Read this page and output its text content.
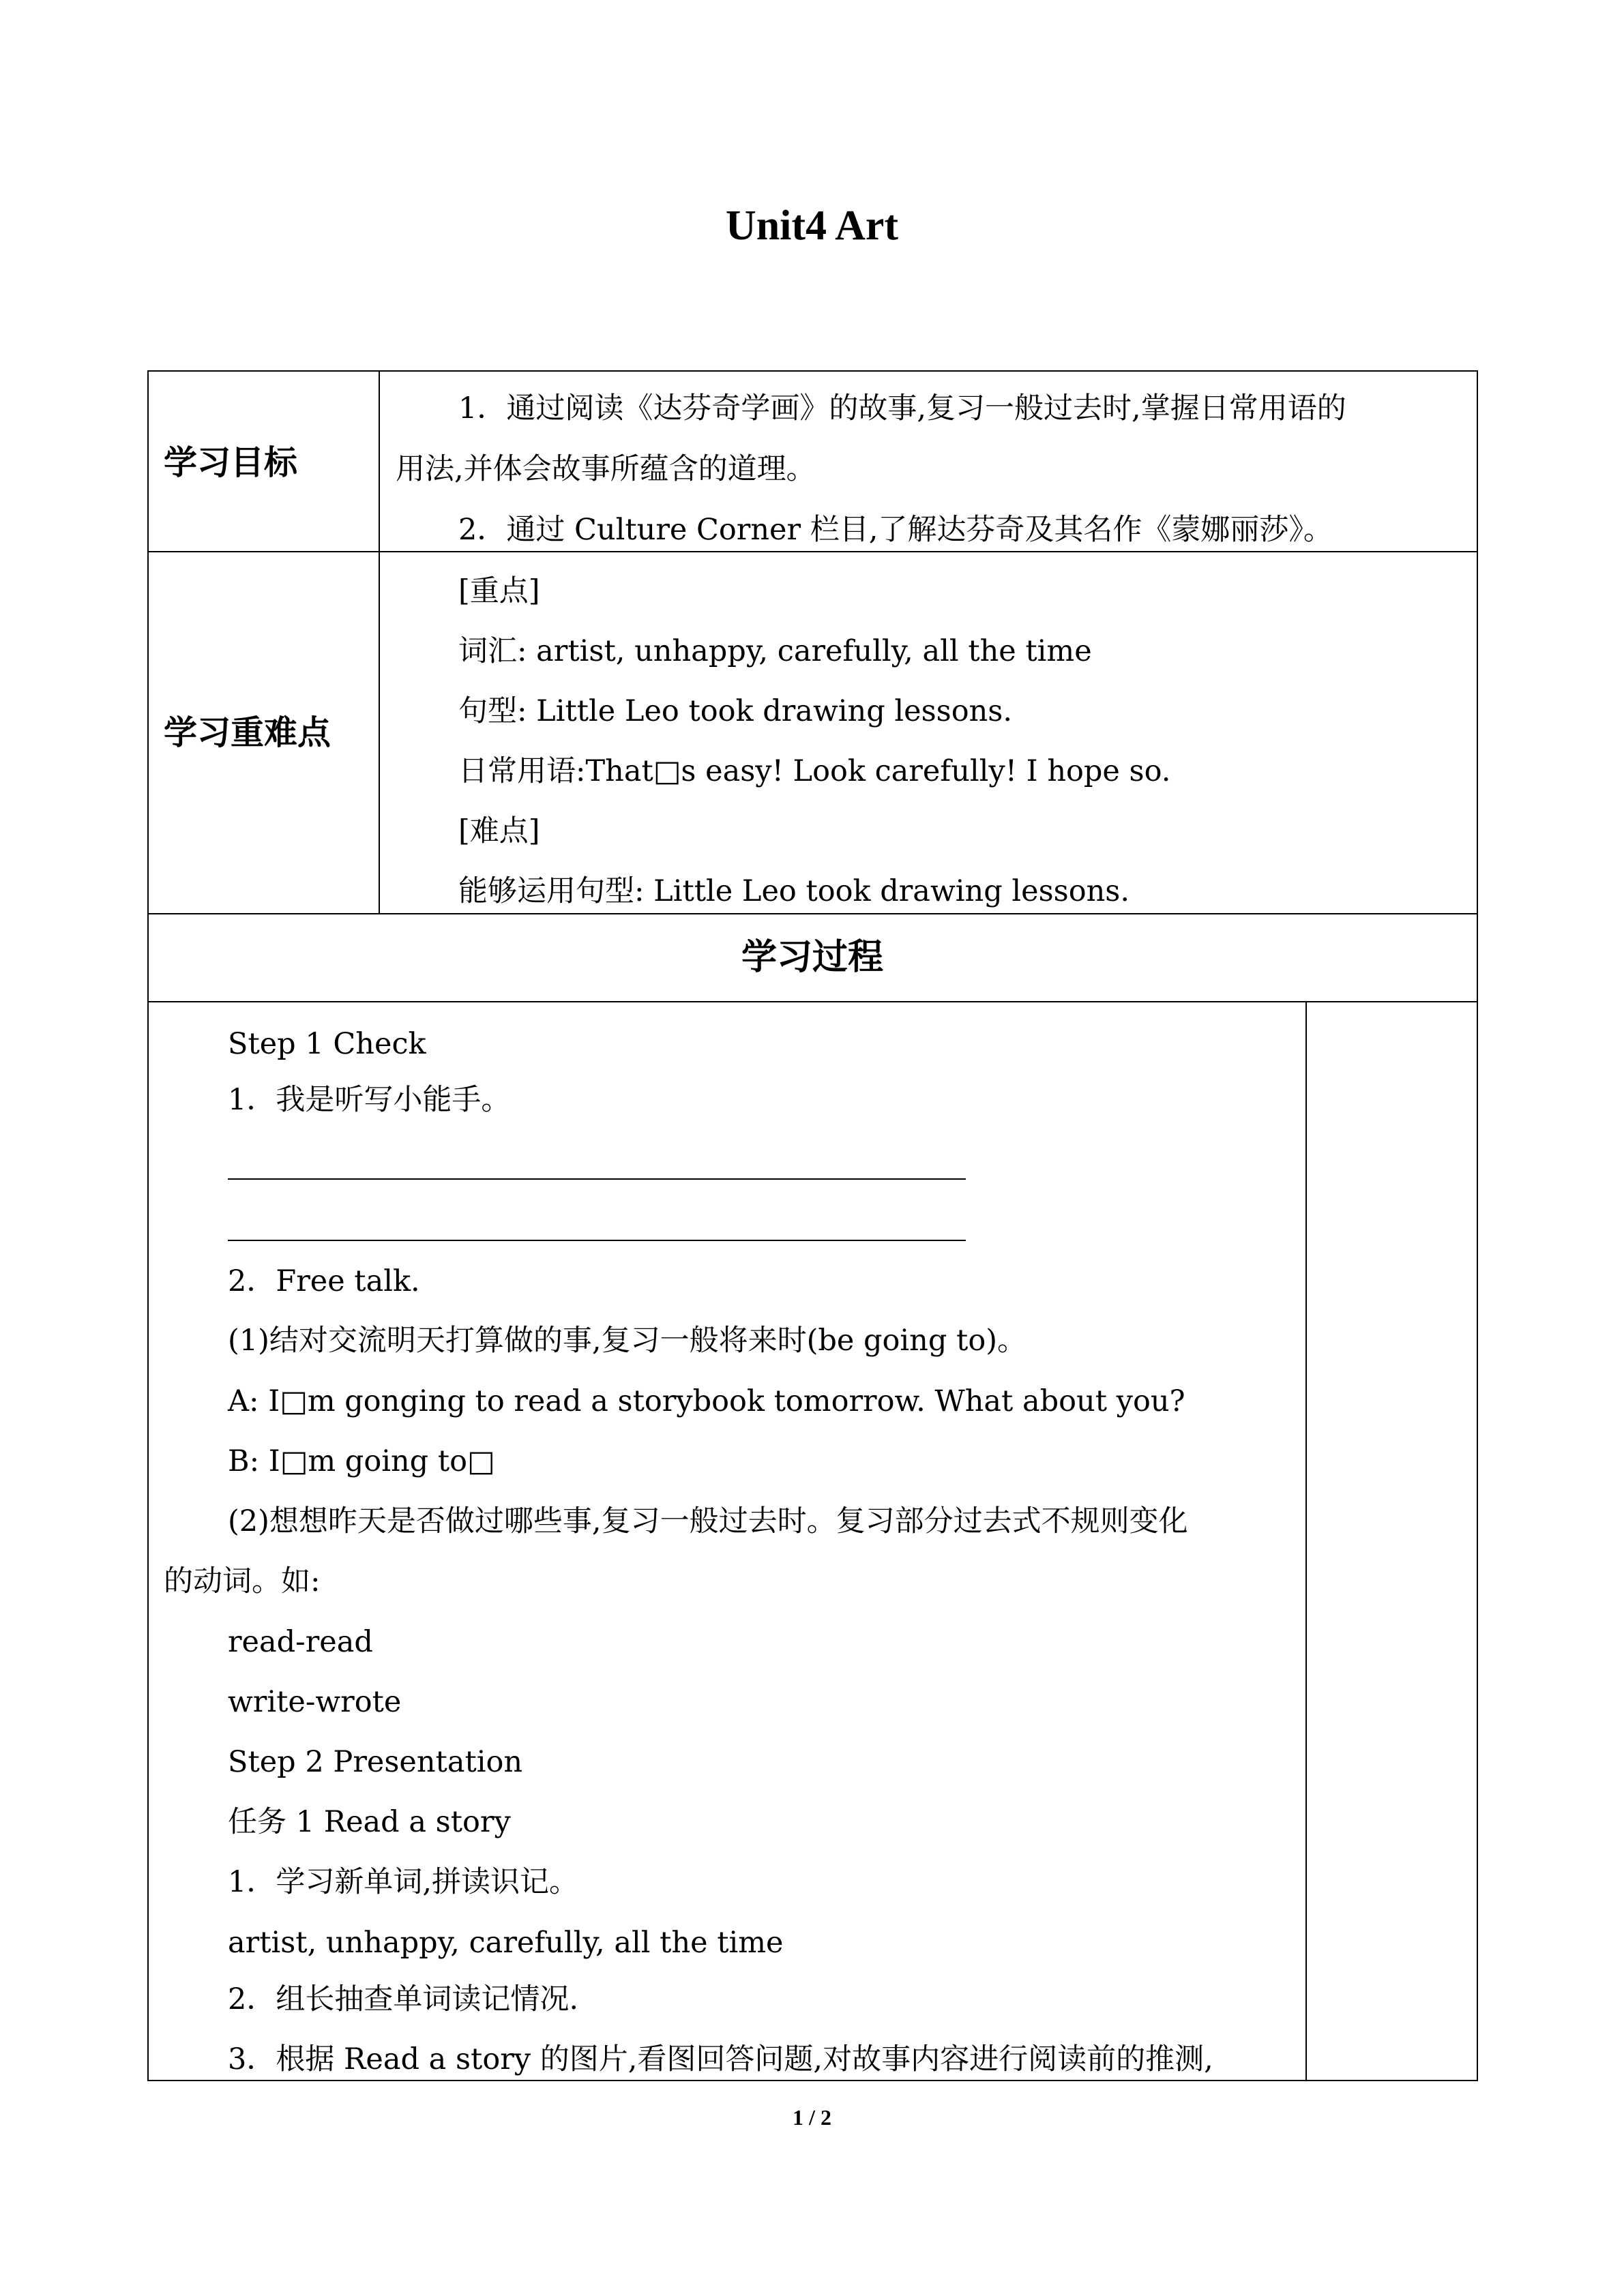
Unit4 Art
学习目标
1．通过阅读《达芬奇学画》的故事,复习一般过去时,掌握日常用语的
用法,并体会故事所蕴含的道理。
2．通过 Culture Corner 栏目,了解达芬奇及其名作《蒙娜丽莎》。
学习重难点
[重点]
词汇: artist, unhappy, carefully, all the time
句型: Little Leo took drawing lessons.
日常用语:That□s easy! Look carefully! I hope so.
[难点]
能够运用句型: Little Leo took drawing lessons.
学习过程
Step 1 Check
1．我是听写小能手。
2．Free talk.
(1)结对交流明天打算做的事,复习一般将来时(be going to)。
A: I□m gonging to read a storybook tomorrow. What about you?
B: I□m going to□
(2)想想昨天是否做过哪些事,复习一般过去时。复习部分过去式不规则变化
的动词。如:
read-read
write-wrote
Step 2 Presentation
任务 1 Read a story
1．学习新单词,拼读识记。
artist, unhappy, carefully, all the time
2．组长抽查单词读记情况.
3．根据 Read a story 的图片,看图回答问题,对故事内容进行阅读前的推测,
1 / 2
